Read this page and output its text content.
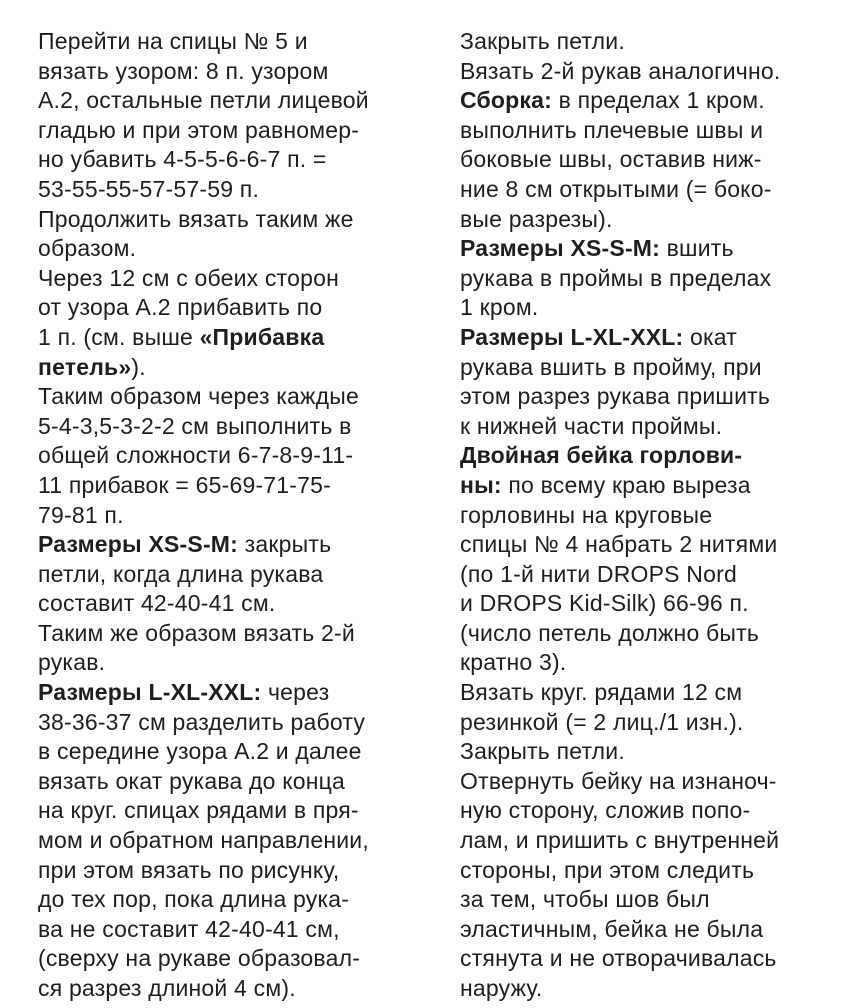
Перейти на спицы № 5 и
вязать узором: 8 п. узором
A.2, остальные петли лицевой
гладью и при этом равномер-
но убавить 4-5-5-6-6-7 п. =
53-55-55-57-57-59 п.
Продолжить вязать таким же
образом.
Через 12 см с обеих сторон
от узора A.2 прибавить по
1 п. (см. выше «Прибавка
петель»).
Таким образом через каждые
5-4-3,5-3-2-2 см выполнить в
общей сложности 6-7-8-9-11-
11 прибавок = 65-69-71-75-
79-81 п.
Размеры XS-S-M: закрыть
петли, когда длина рукава
составит 42-40-41 см.
Таким же образом вязать 2-й
рукав.
Размеры L-XL-XXL: через
38-36-37 см разделить работу
в середине узора A.2 и далее
вязать окат рукава до конца
на круг. спицах рядами в пря-
мом и обратном направлении,
при этом вязать по рисунку,
до тех пор, пока длина рука-
ва не составит 42-40-41 см,
(сверху на рукаве образовал-
ся разрез длиной 4 см).
Закрыть петли.
Вязать 2-й рукав аналогично.
Сборка: в пределах 1 кром.
выполнить плечевые швы и
боковые швы, оставив ниж-
ние 8 см открытыми (= боко-
вые разрезы).
Размеры XS-S-M: вшить
рукава в проймы в пределах
1 кром.
Размеры L-XL-XXL: окат
рукава вшить в пройму, при
этом разрез рукава пришить
к нижней части проймы.
Двойная бейка горлови-
ны: по всему краю выреза
горловины на круговые
спицы № 4 набрать 2 нитями
(по 1-й нити DROPS Nord
и DROPS Kid-Silk) 66-96 п.
(число петель должно быть
кратно 3).
Вязать круг. рядами 12 см
резинкой (= 2 лиц./1 изн.).
Закрыть петли.
Отвернуть бейку на изнаноч-
ную сторону, сложив попо-
лам, и пришить с внутренней
стороны, при этом следить
за тем, чтобы шов был
эластичным, бейка не была
стянута и не отворачивалась
наружу.
